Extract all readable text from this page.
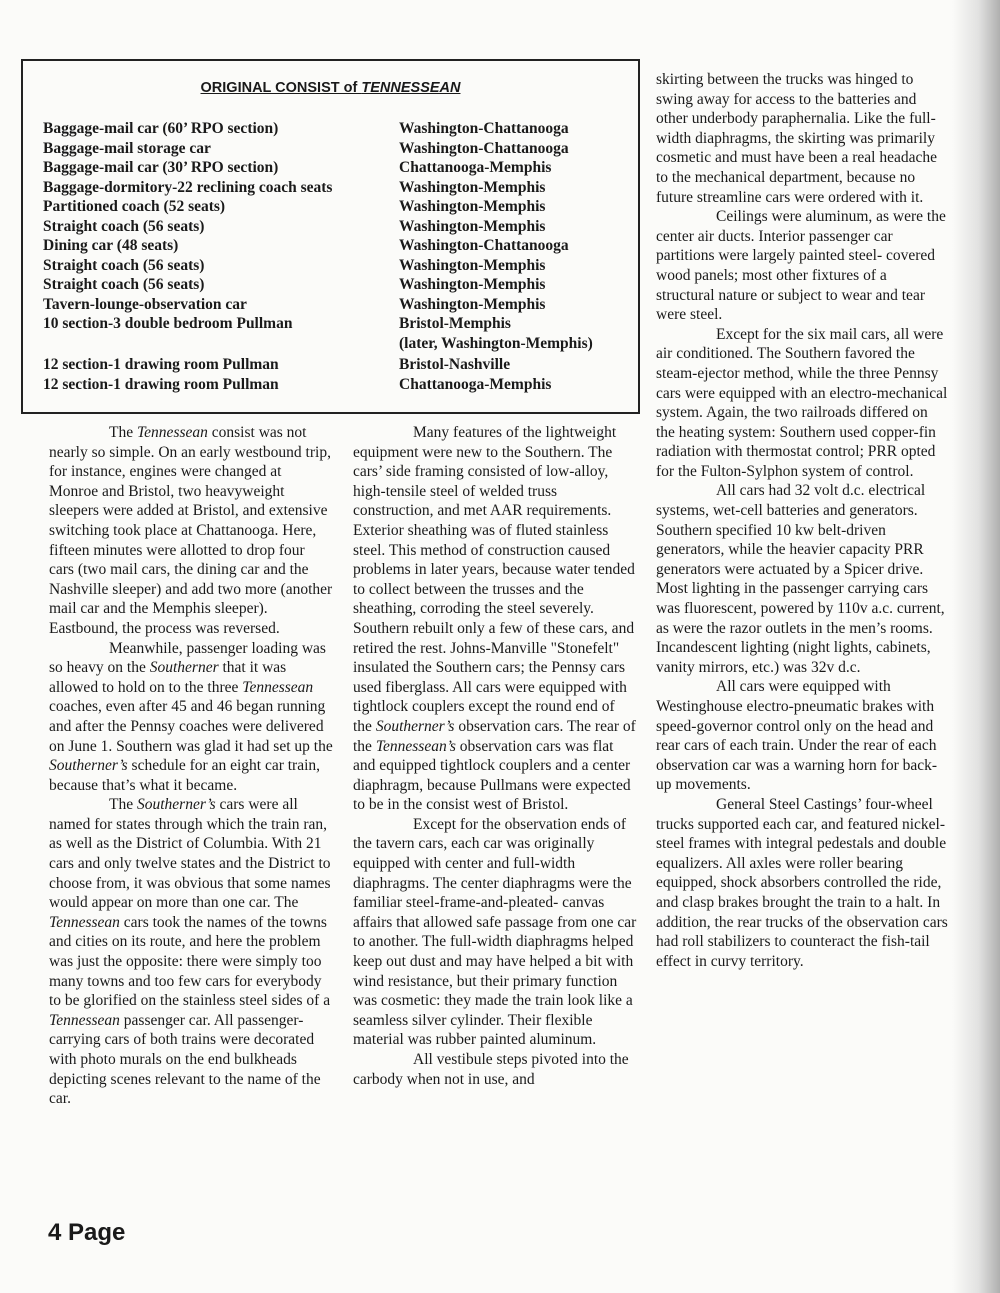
ORIGINAL CONSIST of TENNESSEAN
Baggage-mail car (60’ RPO section)	Washington-Chattanooga
Baggage-mail storage car	Washington-Chattanooga
Baggage-mail car (30’ RPO section)	Chattanooga-Memphis
Baggage-dormitory-22 reclining coach seats	Washington-Memphis
Partitioned coach (52 seats)	Washington-Memphis
Straight coach (56 seats)	Washington-Memphis
Dining car (48 seats)	Washington-Chattanooga
Straight coach (56 seats)	Washington-Memphis
Straight coach (56 seats)	Washington-Memphis
Tavern-lounge-observation car	Washington-Memphis
10 section-3 double bedroom Pullman	Bristol-Memphis
(later, Washington-Memphis)
12 section-1 drawing room Pullman	Bristol-Nashville
12 section-1 drawing room Pullman	Chattanooga-Memphis

The Tennessean consist was not nearly so simple. On an early westbound trip, for instance, engines were changed at Monroe and Bristol, two heavyweight sleepers were added at Bristol, and extensive switching took place at Chattanooga. Here, fifteen minutes were allotted to drop four cars (two mail cars, the dining car and the Nashville sleeper) and add two more (another mail car and the Memphis sleeper). Eastbound, the process was reversed.

Meanwhile, passenger loading was so heavy on the Southerner that it was allowed to hold on to the three Tennessean coaches, even after 45 and 46 began running and after the Pennsy coaches were delivered on June 1. Southern was glad it had set up the Southerner’s schedule for an eight car train, because that’s what it became.

The Southerner’s cars were all named for states through which the train ran, as well as the District of Columbia. With 21 cars and only twelve states and the District to choose from, it was obvious that some names would appear on more than one car. The Tennessean cars took the names of the towns and cities on its route, and here the problem was just the opposite: there were simply too many towns and too few cars for everybody to be glorified on the stainless steel sides of a Tennessean passenger car. All passenger-carrying cars of both trains were decorated with photo murals on the end bulkheads depicting scenes relevant to the name of the car.

Many features of the lightweight equipment were new to the Southern. The cars’ side framing consisted of low-alloy, high-tensile steel of welded truss construction, and met AAR requirements. Exterior sheathing was of fluted stainless steel. This method of construction caused problems in later years, because water tended to collect between the trusses and the sheathing, corroding the steel severely. Southern rebuilt only a few of these cars, and retired the rest. Johns-Manville "Stonefelt" insulated the Southern cars; the Pennsy cars used fiberglass. All cars were equipped with tightlock couplers except the round end of the Southerner’s observation cars. The rear of the Tennessean’s observation cars was flat and equipped tightlock couplers and a center diaphragm, because Pullmans were expected to be in the consist west of Bristol.

Except for the observation ends of the tavern cars, each car was originally equipped with center and full-width diaphragms. The center diaphragms were the familiar steel-frame-and-pleated- canvas affairs that allowed safe passage from one car to another. The full-width diaphragms helped keep out dust and may have helped a bit with wind resistance, but their primary function was cosmetic: they made the train look like a seamless silver cylinder. Their flexible material was rubber painted aluminum.

All vestibule steps pivoted into the carbody when not in use, and

skirting between the trucks was hinged to swing away for access to the batteries and other underbody paraphernalia. Like the full-width diaphragms, the skirting was primarily cosmetic and must have been a real headache to the mechanical department, because no future streamline cars were ordered with it.

Ceilings were aluminum, as were the center air ducts. Interior passenger car partitions were largely painted steel- covered wood panels; most other fixtures of a structural nature or subject to wear and tear were steel.

Except for the six mail cars, all were air conditioned. The Southern favored the steam-ejector method, while the three Pennsy cars were equipped with an electro-mechanical system. Again, the two railroads differed on the heating system: Southern used copper-fin radiation with thermostat control; PRR opted for the Fulton-Sylphon system of control.

All cars had 32 volt d.c. electrical systems, wet-cell batteries and generators. Southern specified 10 kw belt-driven generators, while the heavier capacity PRR generators were actuated by a Spicer drive. Most lighting in the passenger carrying cars was fluorescent, powered by 110v a.c. current, as were the razor outlets in the men’s rooms. Incandescent lighting (night lights, cabinets, vanity mirrors, etc.) was 32v d.c.

All cars were equipped with Westinghouse electro-pneumatic brakes with speed-governor control only on the head and rear cars of each train. Under the rear of each observation car was a warning horn for back-up movements.

General Steel Castings’ four-wheel trucks supported each car, and featured nickel-steel frames with integral pedestals and double equalizers. All axles were roller bearing equipped, shock absorbers controlled the ride, and clasp brakes brought the train to a halt. In addition, the rear trucks of the observation cars had roll stabilizers to counteract the fish-tail effect in curvy territory.

4 Page
